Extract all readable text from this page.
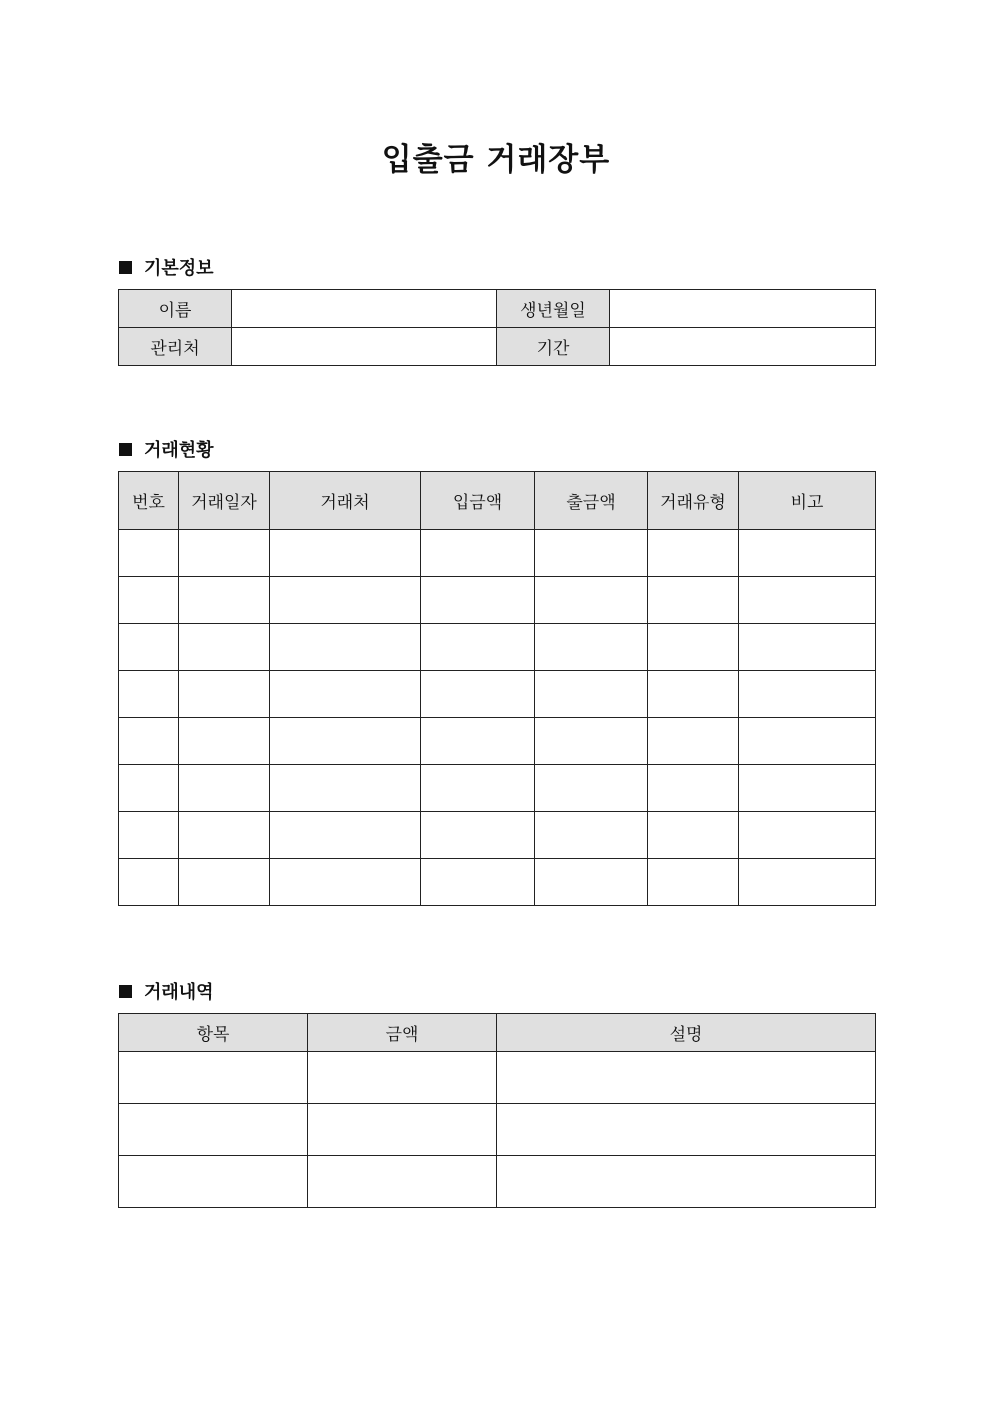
입출금 거래장부
기본정보
이름		생년월일	
관리처		기간	
거래현황
번호	거래일자	거래처	입금액	출금액	거래유형	비고

거래내역
항목	금액	설명
